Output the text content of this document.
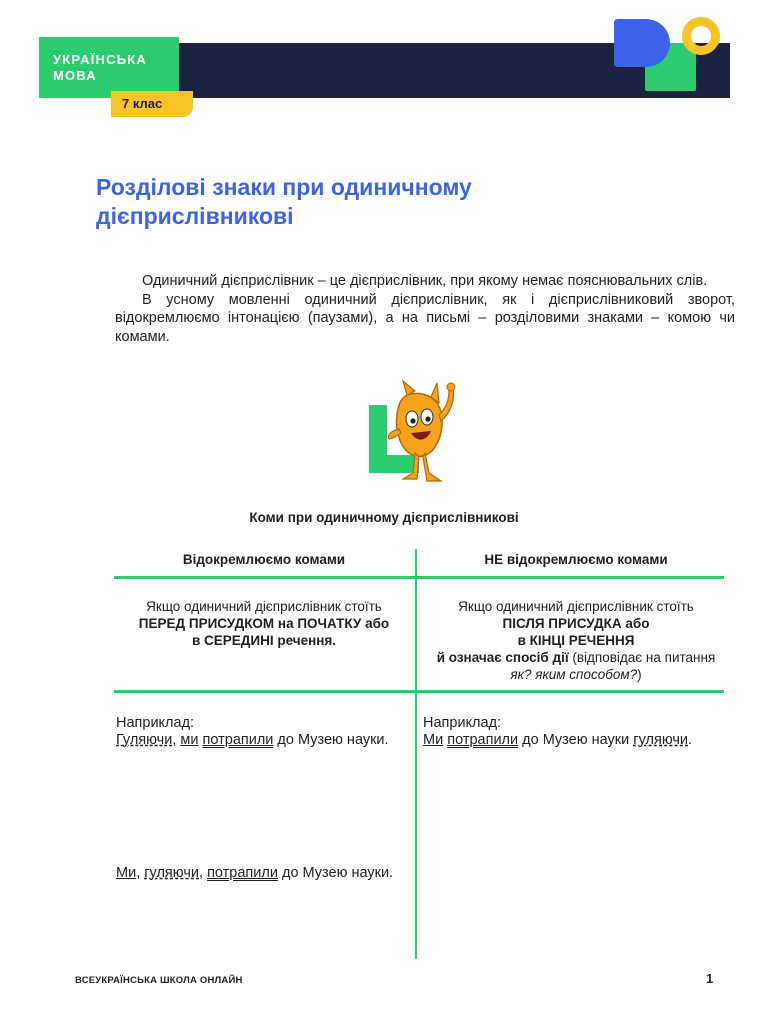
УКРАЇНСЬКА
МОВА
7 клас
Розділові знаки при одиничному дієприслівникові

Одиничний дієприслівник – це дієприслівник, при якому немає пояснювальних слів.

В усному мовленні одиничний дієприслівник, як і дієприслівниковий зворот, відокремлюємо інтонацією (паузами), а на письмі – розділовими знаками – комою чи комами.

Коми при одиничному дієприслівникові
Відокремлюємо комами	НЕ відокремлюємо комами
Якщо одиничний дієприслівник стоїть
ПЕРЕД ПРИСУДКОМ на ПОЧАТКУ або
в СЕРЕДИНІ речення.
Якщо одиничний дієприслівник стоїть
ПІСЛЯ ПРИСУДКА або
в КІНЦІ РЕЧЕННЯ
й означає спосіб дії (відповідає на питання як? яким способом?)
Наприклад:
Гуляючи, ми потрапили до Музею науки.
Ми, гуляючи, потрапили до Музею науки.
Наприклад:
Ми потрапили до Музею науки гуляючи.
ВСЕУКРАЇНСЬКА ШКОЛА ОНЛАЙН	1
